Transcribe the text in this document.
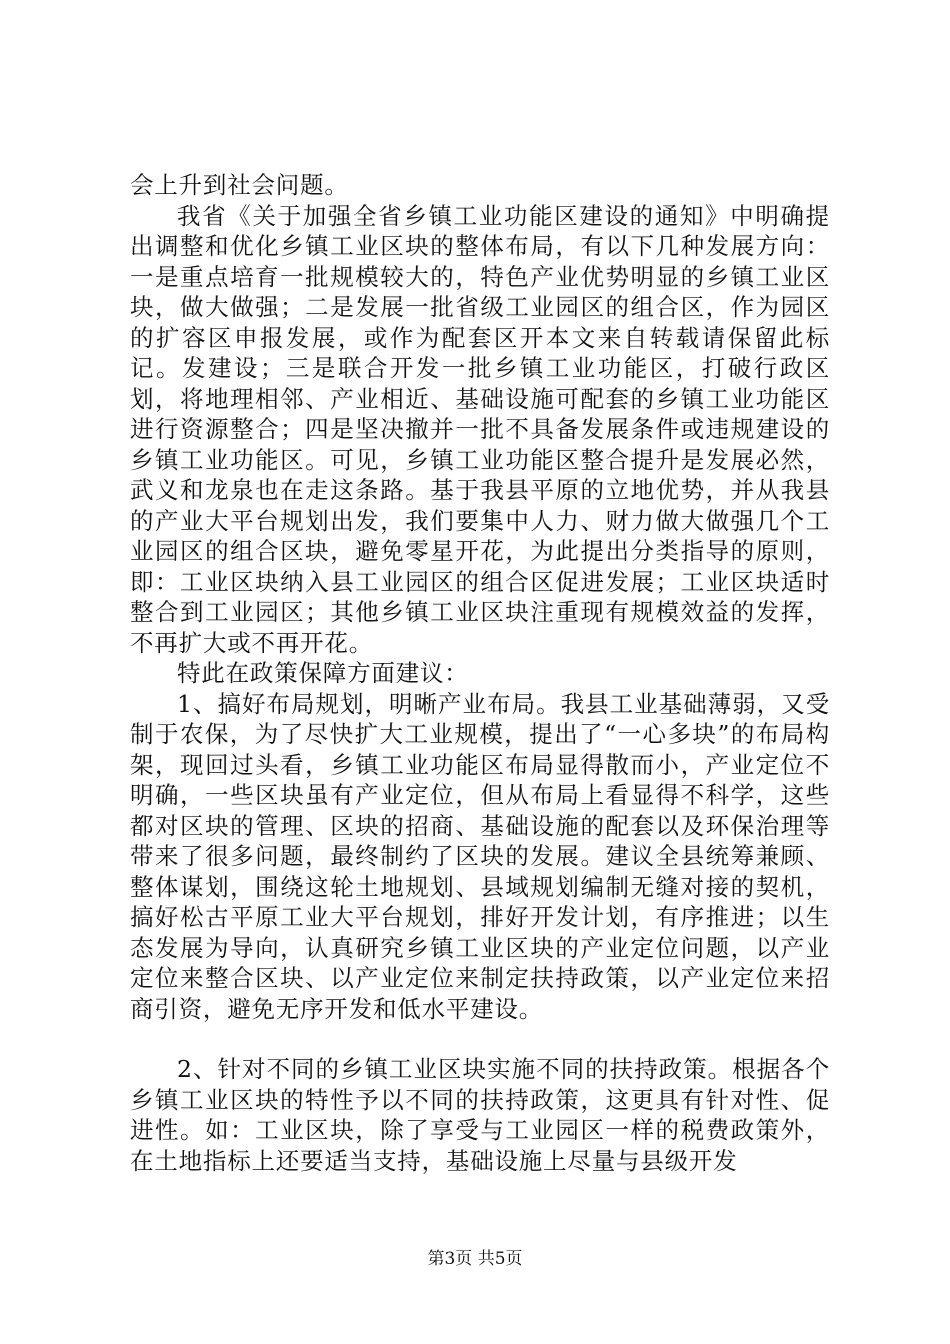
会上升到社会问题。

我省《关于加强全省乡镇工业功能区建设的通知》中明确提出调整和优化乡镇工业区块的整体布局，有以下几种发展方向：一是重点培育一批规模较大的，特色产业优势明显的乡镇工业区块，做大做强；二是发展一批省级工业园区的组合区，作为园区的扩容区申报发展，或作为配套区开本文来自转载请保留此标记。发建设；三是联合开发一批乡镇工业功能区，打破行政区划，将地理相邻、产业相近、基础设施可配套的乡镇工业功能区进行资源整合；四是坚决撤并一批不具备发展条件或违规建设的乡镇工业功能区。可见，乡镇工业功能区整合提升是发展必然，武义和龙泉也在走这条路。基于我县平原的立地优势，并从我县的产业大平台规划出发，我们要集中人力、财力做大做强几个工业园区的组合区块，避免零星开花，为此提出分类指导的原则，即：工业区块纳入县工业园区的组合区促进发展；工业区块适时整合到工业园区；其他乡镇工业区块注重现有规模效益的发挥，不再扩大或不再开花。

特此在政策保障方面建议：

1、搞好布局规划，明晰产业布局。我县工业基础薄弱，又受制于农保，为了尽快扩大工业规模，提出了“一心多块”的布局构架，现回过头看，乡镇工业功能区布局显得散而小，产业定位不明确，一些区块虽有产业定位，但从布局上看显得不科学，这些都对区块的管理、区块的招商、基础设施的配套以及环保治理等带来了很多问题，最终制约了区块的发展。建议全县统筹兼顾、整体谋划，围绕这轮土地规划、县域规划编制无缝对接的契机，搞好松古平原工业大平台规划，排好开发计划，有序推进；以生态发展为导向，认真研究乡镇工业区块的产业定位问题，以产业定位来整合区块、以产业定位来制定扶持政策，以产业定位来招商引资，避免无序开发和低水平建设。

2、针对不同的乡镇工业区块实施不同的扶持政策。根据各个乡镇工业区块的特性予以不同的扶持政策，这更具有针对性、促进性。如：工业区块，除了享受与工业园区一样的税费政策外，在土地指标上还要适当支持，基础设施上尽量与县级开发

第3页 共5页
